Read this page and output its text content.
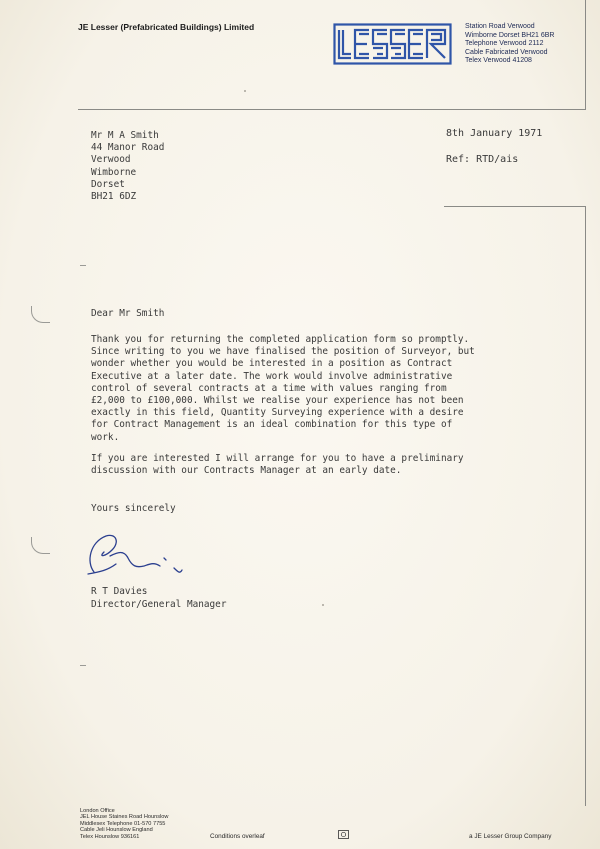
JE Lesser (Prefabricated Buildings) Limited	Station Road Verwood
Wimborne Dorset BH21 6BR
Telephone Verwood 2112
Cable Fabricated Verwood
Telex Verwood 41208
Mr M A Smith
44 Manor Road
Verwood
Wimborne
Dorset
BH21 6DZ
8th January 1971
Ref: RTD/ais
Dear Mr Smith
Thank you for returning the completed application form so promptly.
Since writing to you we have finalised the position of Surveyor, but
wonder whether you would be interested in a position as Contract
Executive at a later date. The work would involve administrative
control of several contracts at a time with values ranging from
£2,000 to £100,000. Whilst we realise your experience has not been
exactly in this field, Quantity Surveying experience with a desire
for Contract Management is an ideal combination for this type of
work.
If you are interested I will arrange for you to have a preliminary
discussion with our Contracts Manager at an early date.
Yours sincerely
R T Davies
Director/General Manager
London Office
JEL House Staines Road Hounslow
Middlesex Telephone 01-570 7755
Cable Jeli Hounslow England
Telex Hounslow 936161	Conditions overleaf	a JE Lesser Group Company
